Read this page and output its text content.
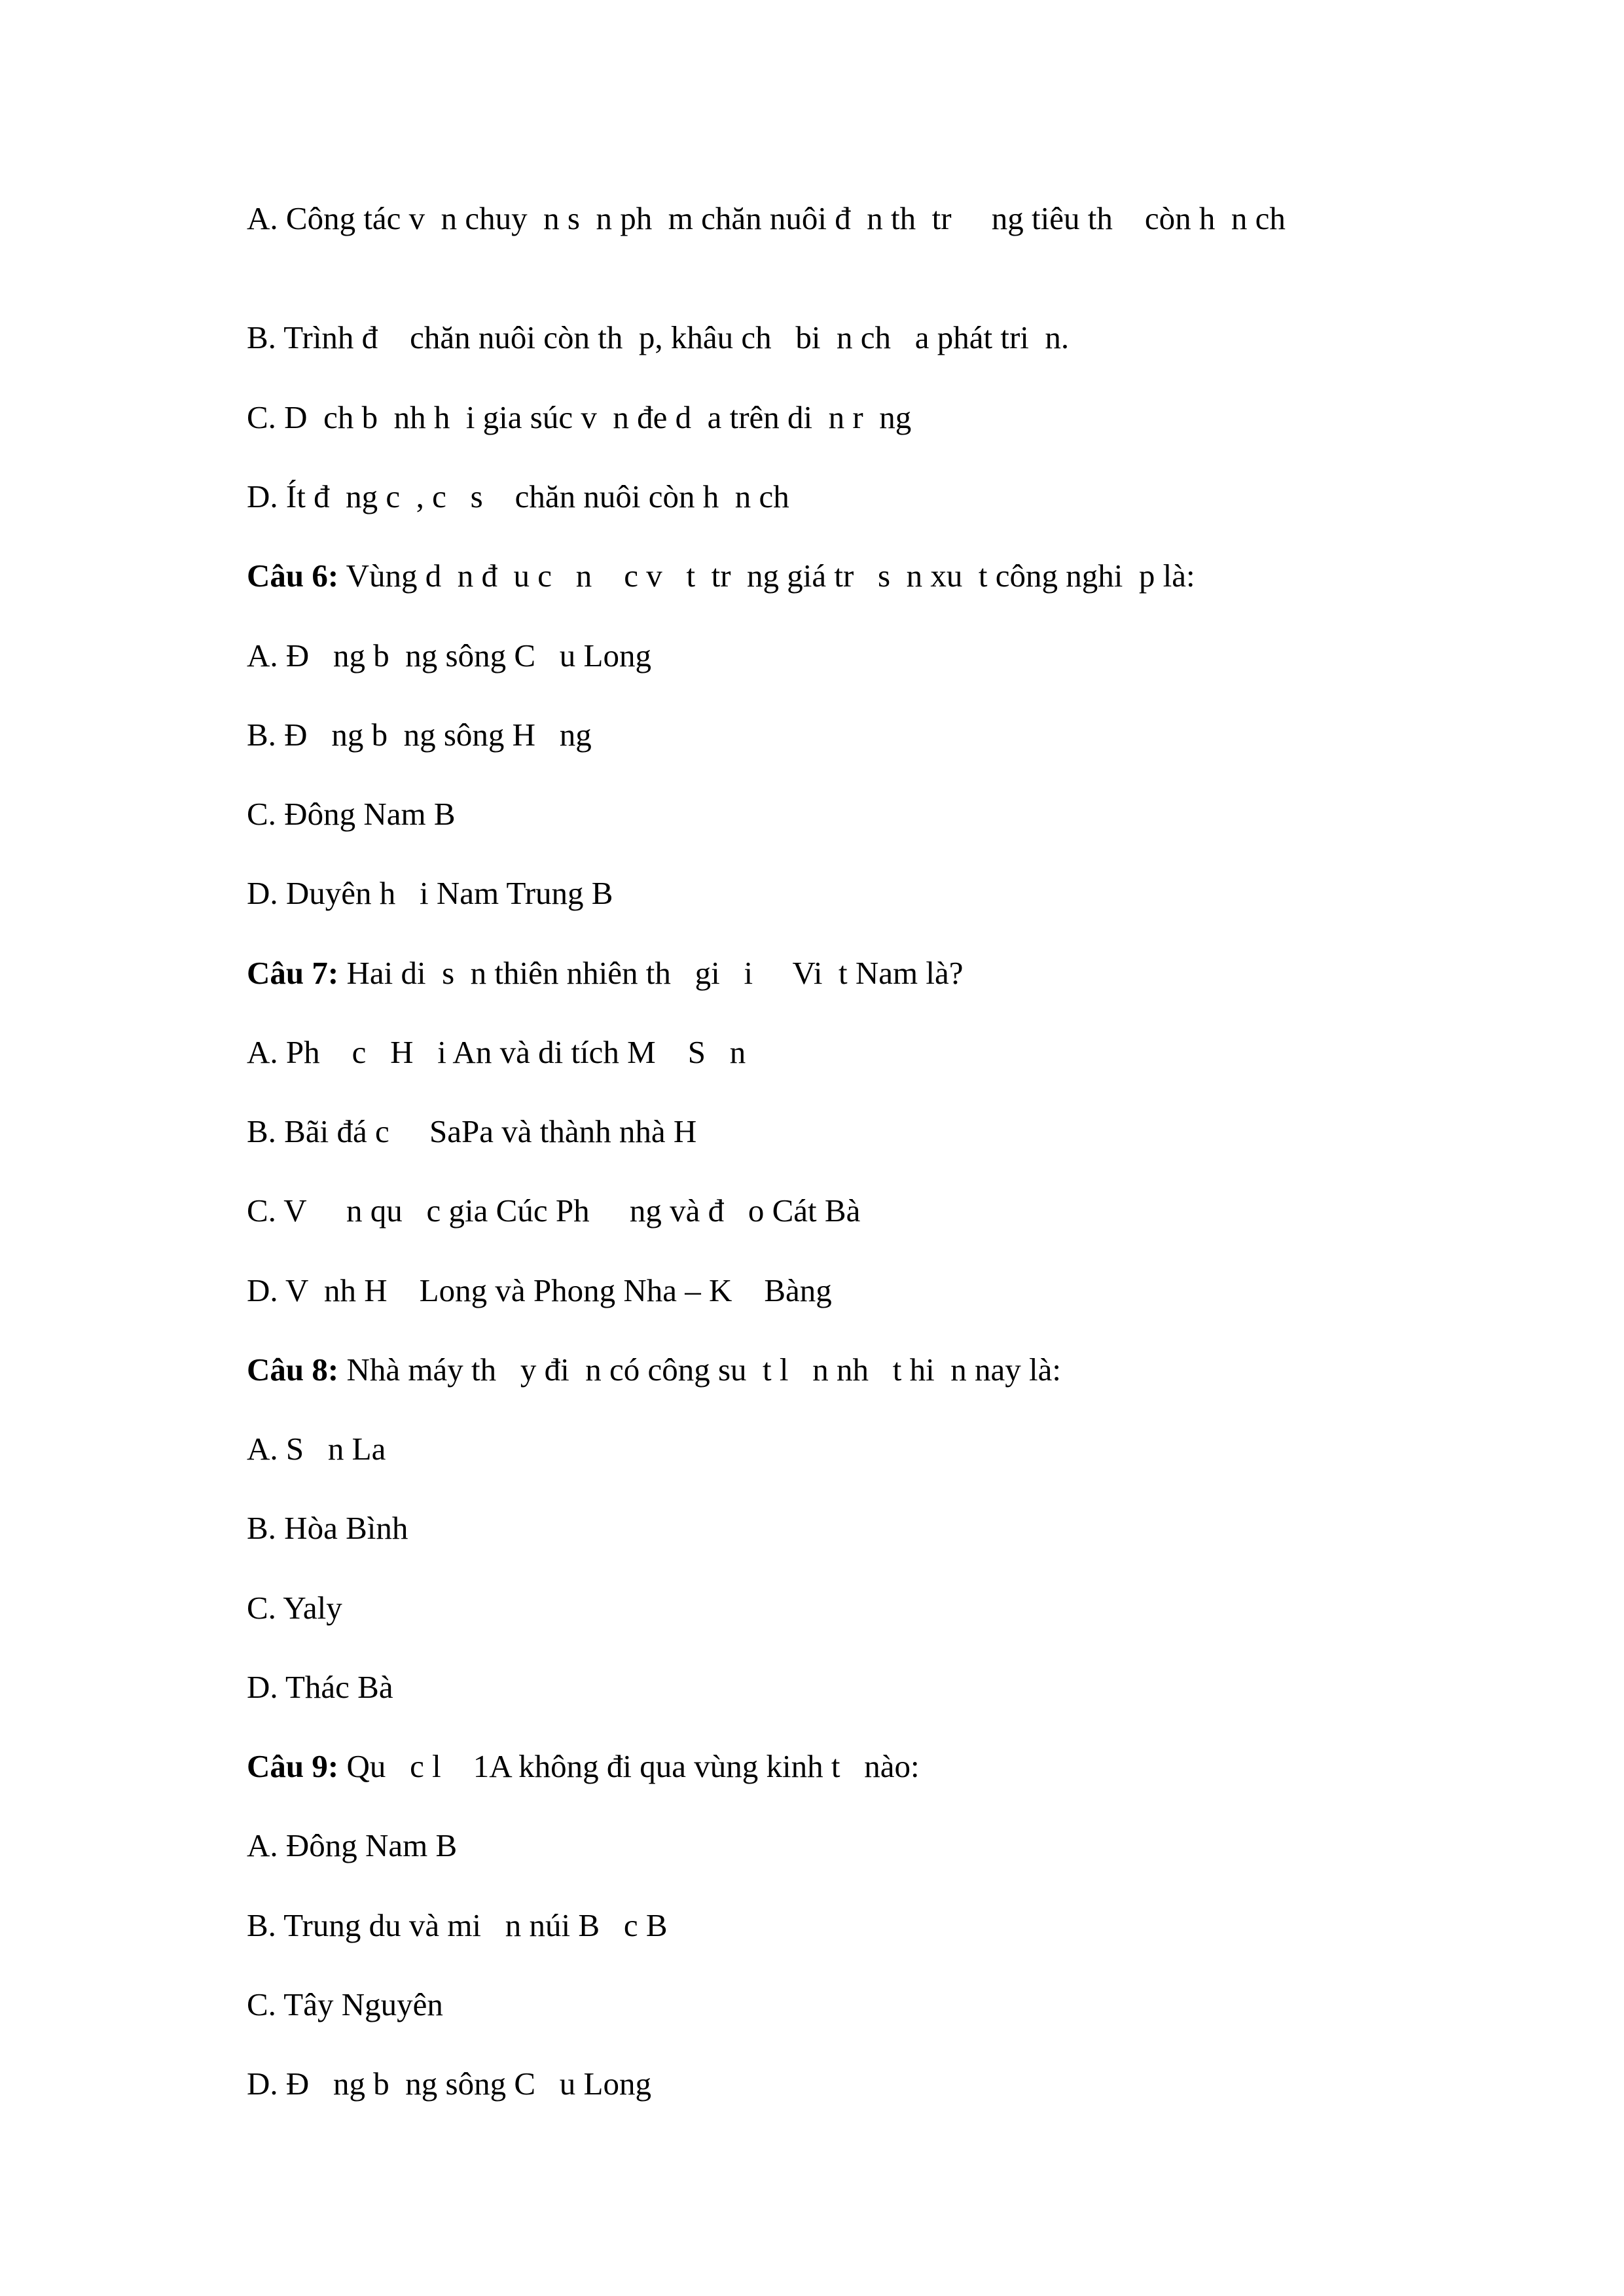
A. Công tác v  n chuy  n s  n ph  m chăn nuôi đ  n th  tr     ng tiêu th    còn h  n ch
B. Trình đ    chăn nuôi còn th  p, khâu ch   bi  n ch   a phát tri  n.
C. D  ch b  nh h  i gia súc v  n đe d  a trên di  n r  ng
D. Ít đ  ng c  , c   s    chăn nuôi còn h  n ch
Câu 6: Vùng d  n đ  u c   n    c v   t  tr  ng giá tr   s  n xu  t công nghi  p là:
A. Đ   ng b  ng sông C   u Long
B. Đ   ng b  ng sông H   ng
C. Đông Nam B
D. Duyên h   i Nam Trung B
Câu 7: Hai di  s  n thiên nhiên th   gi   i     Vi  t Nam là?
A. Ph    c   H   i An và di tích M    S   n
B. Bãi đá c     SaPa và thành nhà H
C. V     n qu   c gia Cúc Ph     ng và đ   o Cát Bà
D. V  nh H    Long và Phong Nha – K    Bàng
Câu 8: Nhà máy th   y đi  n có công su  t l   n nh   t hi  n nay là:
A. S   n La
B. Hòa Bình
C. Yaly
D. Thác Bà
Câu 9: Qu   c l    1A không đi qua vùng kinh t   nào:
A. Đông Nam B
B. Trung du và mi   n núi B   c B
C. Tây Nguyên
D. Đ   ng b  ng sông C   u Long
